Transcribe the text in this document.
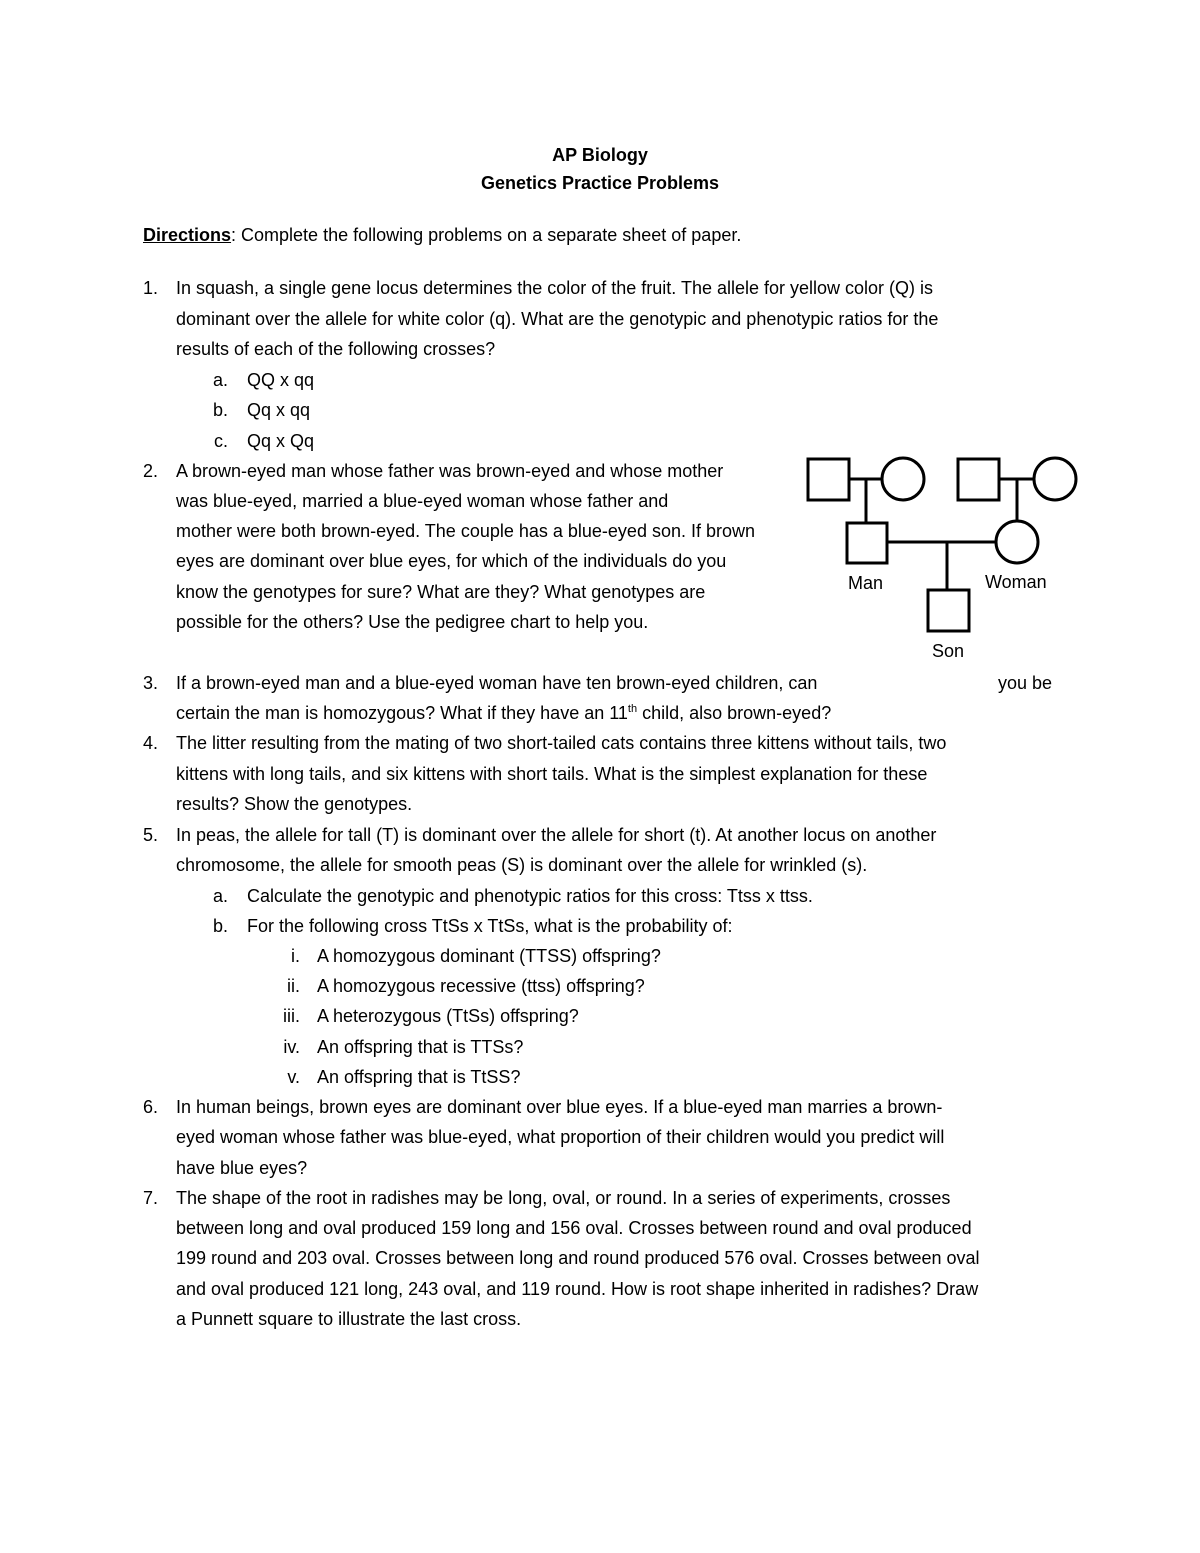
AP Biology
Genetics Practice Problems
Directions: Complete the following problems on a separate sheet of paper.
1. In squash, a single gene locus determines the color of the fruit. The allele for yellow color (Q) is
dominant over the allele for white color (q). What are the genotypic and phenotypic ratios for the
results of each of the following crosses?
a. QQ x qq
b. Qq x qq
c. Qq x Qq
2. A brown-eyed man whose father was brown-eyed and whose mother
was blue-eyed, married a blue-eyed woman whose father and
mother were both brown-eyed. The couple has a blue-eyed son. If brown
eyes are dominant over blue eyes, for which of the individuals do you
know the genotypes for sure? What are they? What genotypes are
possible for the others? Use the pedigree chart to help you.
Man	Woman
Son
3. If a brown-eyed man and a blue-eyed woman have ten brown-eyed children, can	you be
certain the man is homozygous? What if they have an 11th child, also brown-eyed?
4. The litter resulting from the mating of two short-tailed cats contains three kittens without tails, two
kittens with long tails, and six kittens with short tails. What is the simplest explanation for these
results? Show the genotypes.
5. In peas, the allele for tall (T) is dominant over the allele for short (t). At another locus on another
chromosome, the allele for smooth peas (S) is dominant over the allele for wrinkled (s).
a. Calculate the genotypic and phenotypic ratios for this cross: Ttss x ttss.
b. For the following cross TtSs x TtSs, what is the probability of:
i. A homozygous dominant (TTSS) offspring?
ii. A homozygous recessive (ttss) offspring?
iii. A heterozygous (TtSs) offspring?
iv. An offspring that is TTSs?
v. An offspring that is TtSS?
6. In human beings, brown eyes are dominant over blue eyes. If a blue-eyed man marries a brown-
eyed woman whose father was blue-eyed, what proportion of their children would you predict will
have blue eyes?
7. The shape of the root in radishes may be long, oval, or round. In a series of experiments, crosses
between long and oval produced 159 long and 156 oval. Crosses between round and oval produced
199 round and 203 oval. Crosses between long and round produced 576 oval. Crosses between oval
and oval produced 121 long, 243 oval, and 119 round. How is root shape inherited in radishes? Draw
a Punnett square to illustrate the last cross.
